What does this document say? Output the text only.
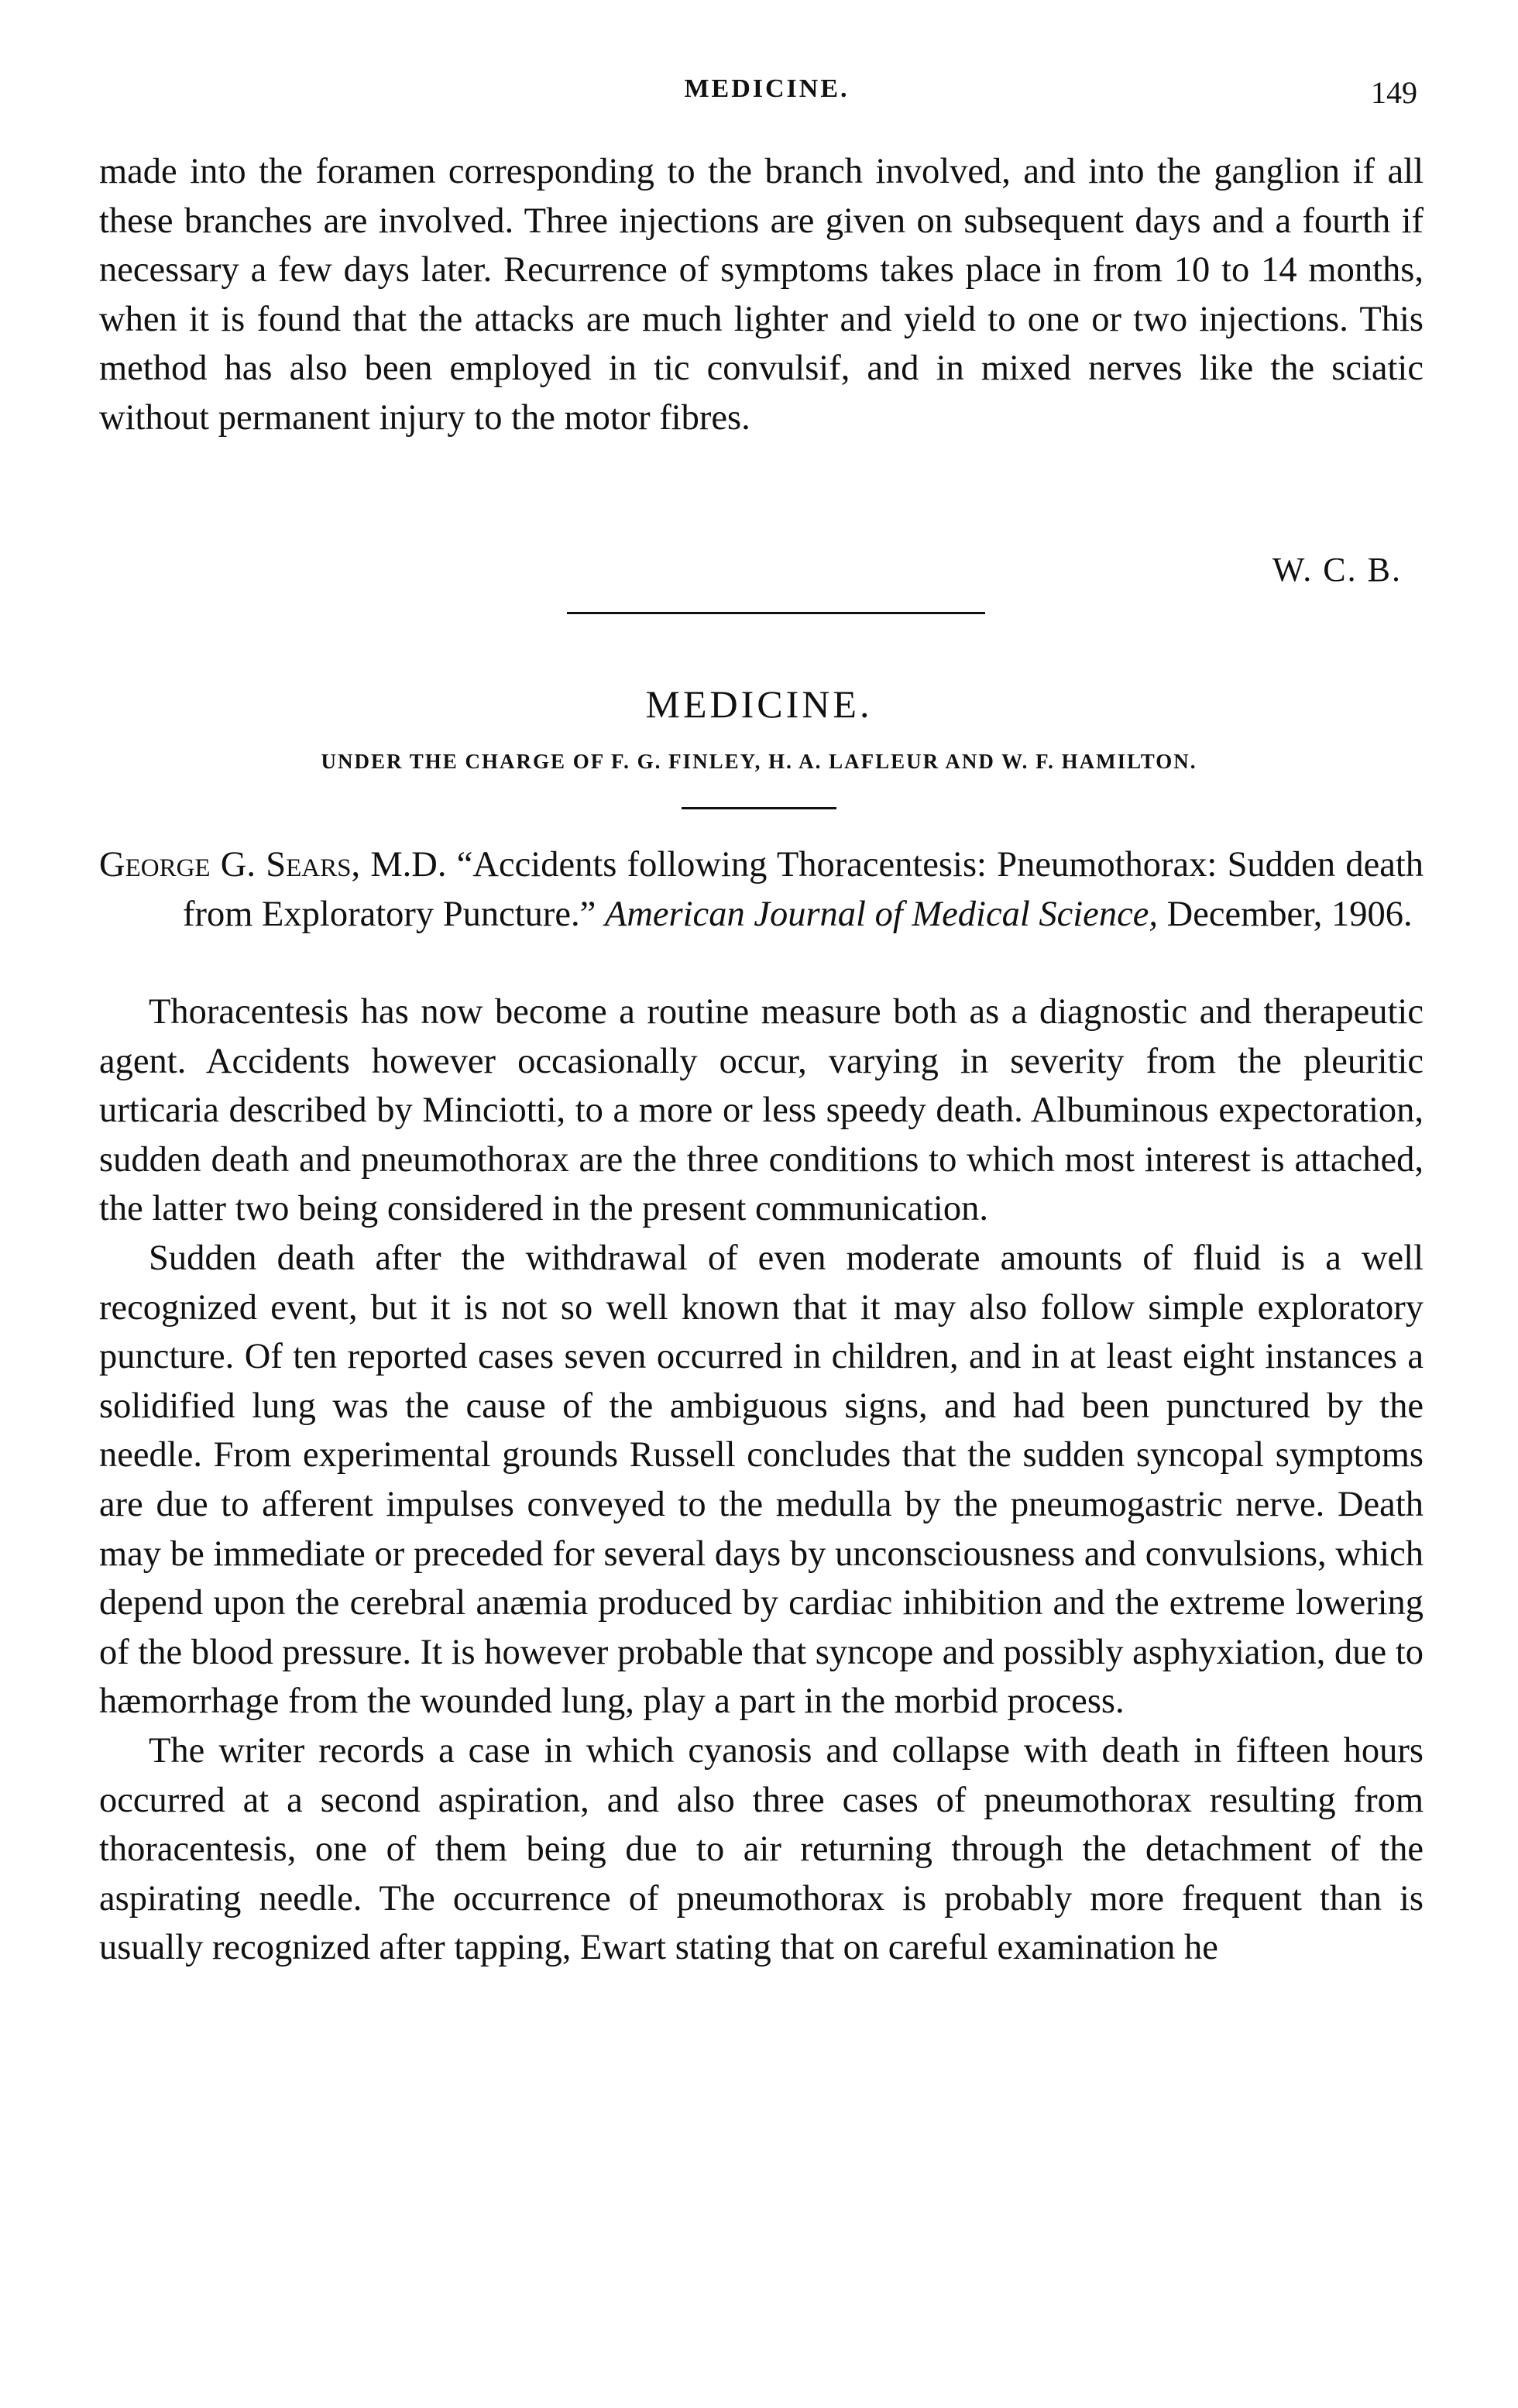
MEDICINE.	149

made into the foramen corresponding to the branch involved, and into the ganglion if all these branches are involved. Three injections are given on subsequent days and a fourth if necessary a few days later. Recurrence of symptoms takes place in from 10 to 14 months, when it is found that the attacks are much lighter and yield to one or two injections. This method has also been employed in tic convulsif, and in mixed nerves like the sciatic without permanent injury to the motor fibres.

W. C. B.
MEDICINE.
UNDER THE CHARGE OF F. G. FINLEY, H. A. LAFLEUR AND W. F. HAMILTON.
George G. Sears, M.D. “Accidents following Thoracentesis: Pneumothorax: Sudden death from Exploratory Puncture.” American Journal of Medical Science, December, 1906.

Thoracentesis has now become a routine measure both as a diagnostic and therapeutic agent. Accidents however occasionally occur, varying in severity from the pleuritic urticaria described by Minciotti, to a more or less speedy death. Albuminous expectoration, sudden death and pneumothorax are the three conditions to which most interest is attached, the latter two being considered in the present communication.

Sudden death after the withdrawal of even moderate amounts of fluid is a well recognized event, but it is not so well known that it may also follow simple exploratory puncture. Of ten reported cases seven occurred in children, and in at least eight instances a solidified lung was the cause of the ambiguous signs, and had been punctured by the needle. From experimental grounds Russell concludes that the sudden syncopal symptoms are due to afferent impulses conveyed to the medulla by the pneumogastric nerve. Death may be immediate or preceded for several days by unconsciousness and convulsions, which depend upon the cerebral anæmia produced by cardiac inhibition and the extreme lowering of the blood pressure. It is however probable that syncope and possibly asphyxiation, due to hæmorrhage from the wounded lung, play a part in the morbid process.

The writer records a case in which cyanosis and collapse with death in fifteen hours occurred at a second aspiration, and also three cases of pneumothorax resulting from thoracentesis, one of them being due to air returning through the detachment of the aspirating needle. The occurrence of pneumothorax is probably more frequent than is usually recognized after tapping, Ewart stating that on careful examination he
